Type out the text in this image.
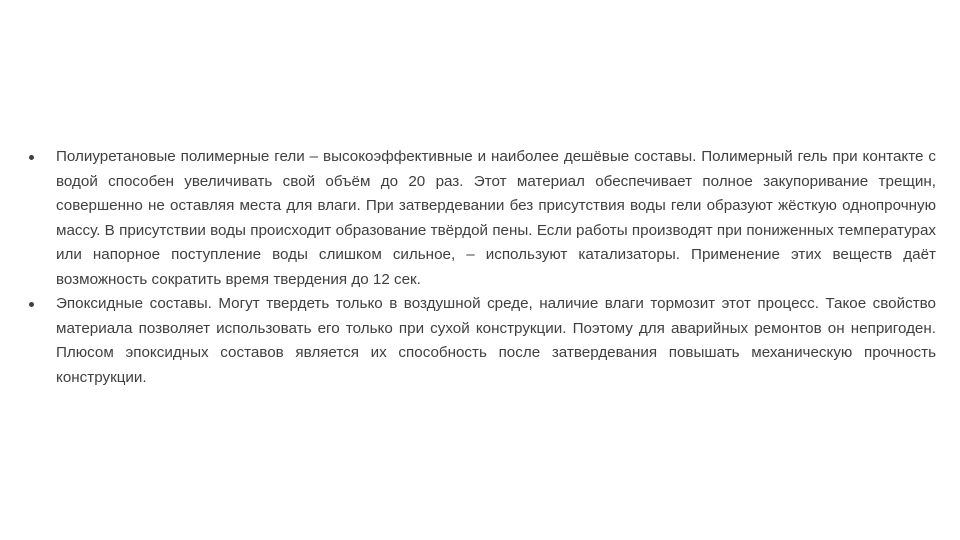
Полиуретановые полимерные гели – высокоэффективные и наиболее дешёвые составы. Полимерный гель при контакте с водой способен увеличивать свой объём до 20 раз. Этот материал обеспечивает полное закупоривание трещин, совершенно не оставляя места для влаги. При затвердевании без присутствия воды гели образуют жёсткую однопрочную массу. В присутствии воды происходит образование твёрдой пены. Если работы производят при пониженных температурах или напорное поступление воды слишком сильное, – используют катализаторы. Применение этих веществ даёт возможность сократить время твердения до 12 сек.
Эпоксидные составы. Могут твердеть только в воздушной среде, наличие влаги тормозит этот процесс. Такое свойство материала позволяет использовать его только при сухой конструкции. Поэтому для аварийных ремонтов он непригоден. Плюсом эпоксидных составов является их способность после затвердевания повышать механическую прочность конструкции.
